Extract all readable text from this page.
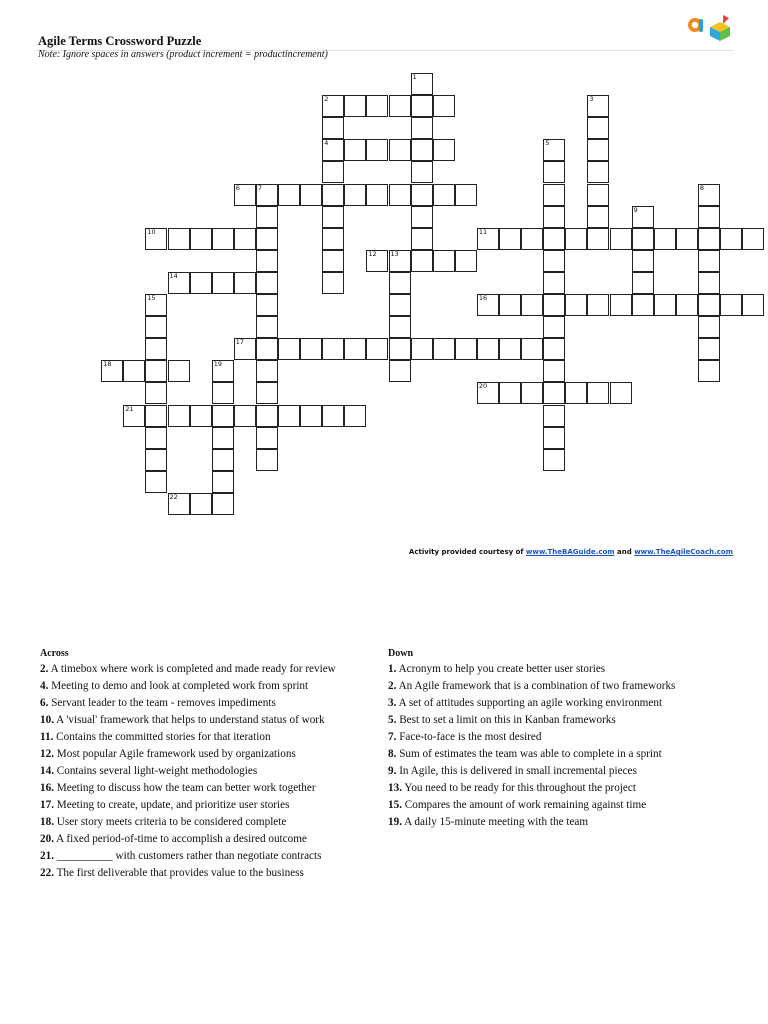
Agile Terms Crossword Puzzle
Note: Ignore spaces in answers (product increment = productincrement)
1
2
4
3
5
6	7	8
9
10	11
12 13
14
15	16
17
18	19
20
21
22
Activity provided courtesy of www.TheBAGuide.com and www.TheAgileCoach.com
Across
2. A timebox where work is completed and made ready for review
4. Meeting to demo and look at completed work from sprint
6. Servant leader to the team - removes impediments
10. A 'visual' framework that helps to understand status of work
11. Contains the committed stories for that iteration
12. Most popular Agile framework used by organizations
14. Contains several light-weight methodologies
16. Meeting to discuss how the team can better work together
17. Meeting to create, update, and prioritize user stories
18. User story meets criteria to be considered complete
20. A fixed period-of-time to accomplish a desired outcome
21. __________ with customers rather than negotiate contracts
22. The first deliverable that provides value to the business
Down
1. Acronym to help you create better user stories
2. An Agile framework that is a combination of two frameworks
3. A set of attitudes supporting an agile working environment
5. Best to set a limit on this in Kanban frameworks
7. Face-to-face is the most desired
8. Sum of estimates the team was able to complete in a sprint
9. In Agile, this is delivered in small incremental pieces
13. You need to be ready for this throughout the project
15. Compares the amount of work remaining against time
19. A daily 15-minute meeting with the team
